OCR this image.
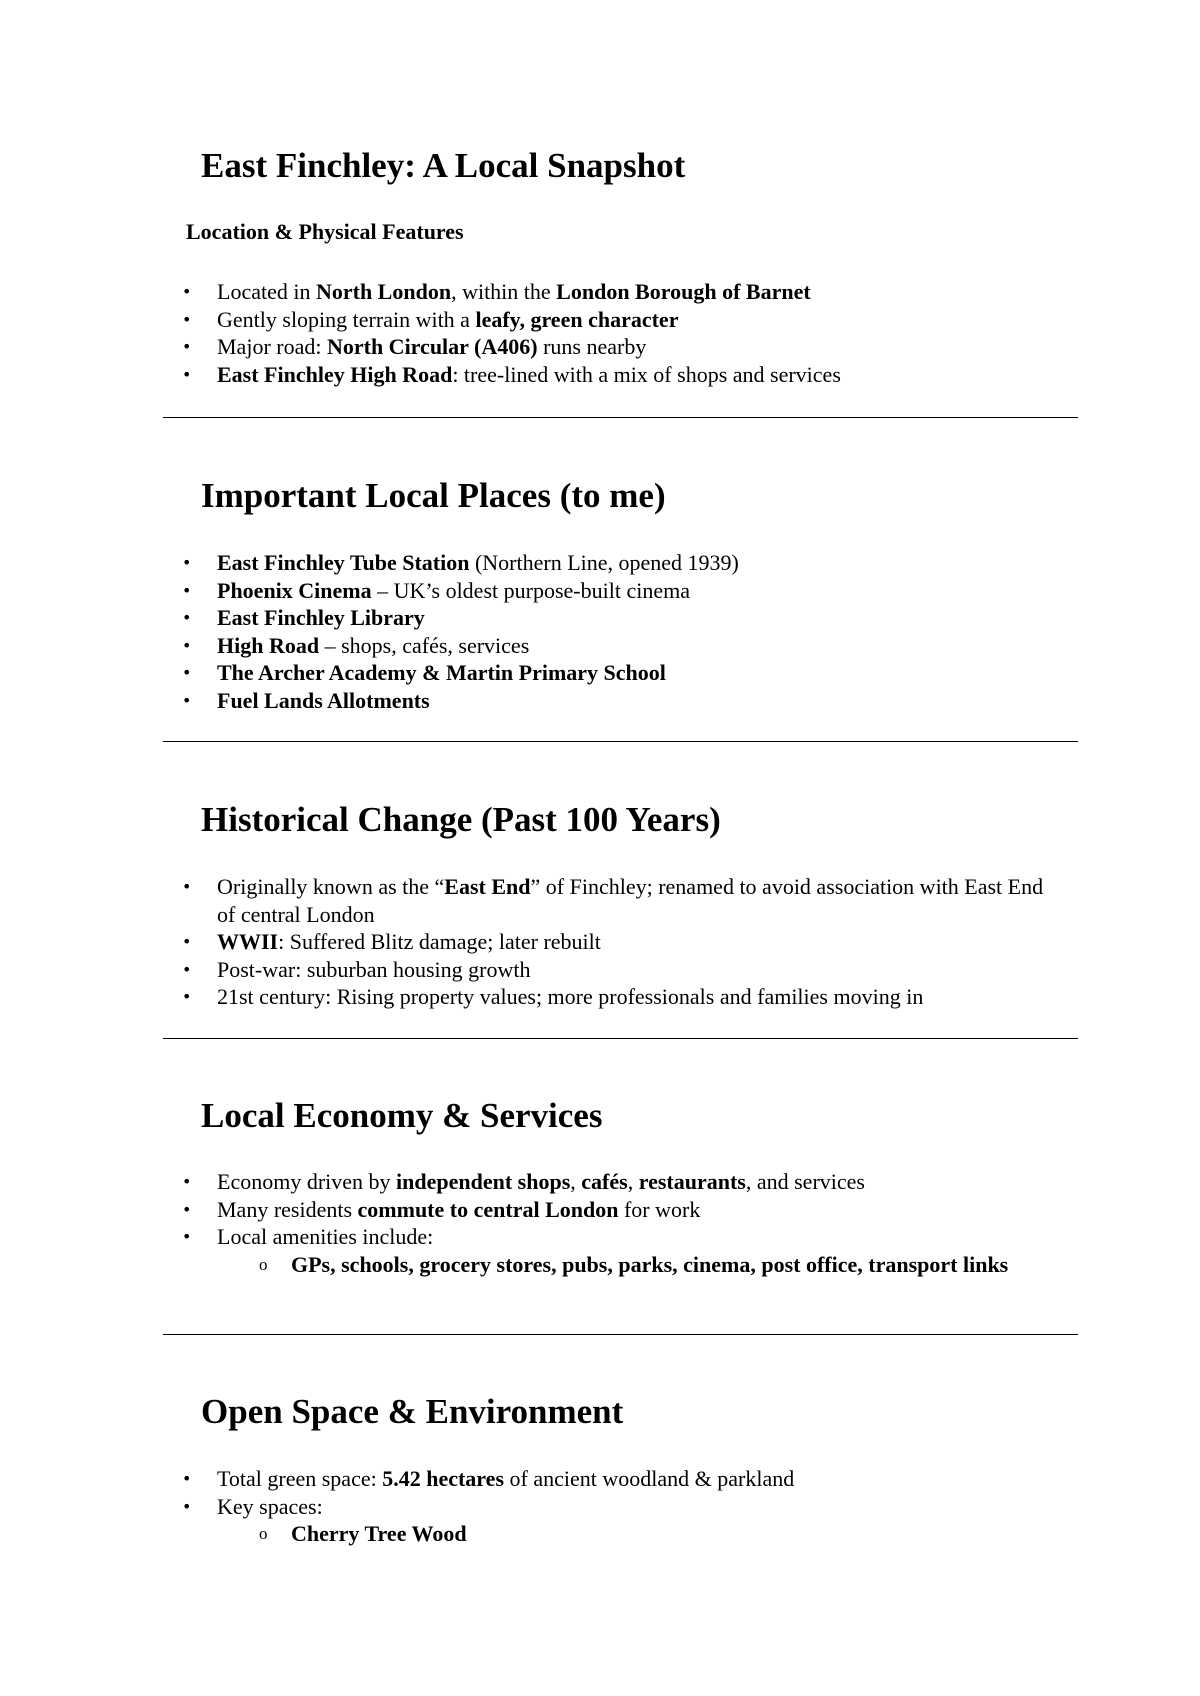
East Finchley: A Local Snapshot
Location & Physical Features
• Located in North London, within the London Borough of Barnet
• Gently sloping terrain with a leafy, green character
• Major road: North Circular (A406) runs nearby
• East Finchley High Road: tree-lined with a mix of shops and services
Important Local Places (to me)
• East Finchley Tube Station (Northern Line, opened 1939)
• Phoenix Cinema – UK’s oldest purpose-built cinema
• East Finchley Library
• High Road – shops, cafés, services
• The Archer Academy & Martin Primary School
• Fuel Lands Allotments
Historical Change (Past 100 Years)
• Originally known as the “East End” of Finchley; renamed to avoid association with East End of central London
• WWII: Suffered Blitz damage; later rebuilt
• Post-war: suburban housing growth
• 21st century: Rising property values; more professionals and families moving in
Local Economy & Services
• Economy driven by independent shops, cafés, restaurants, and services
• Many residents commute to central London for work
• Local amenities include:
o GPs, schools, grocery stores, pubs, parks, cinema, post office, transport links
Open Space & Environment
• Total green space: 5.42 hectares of ancient woodland & parkland
• Key spaces:
o Cherry Tree Wood
